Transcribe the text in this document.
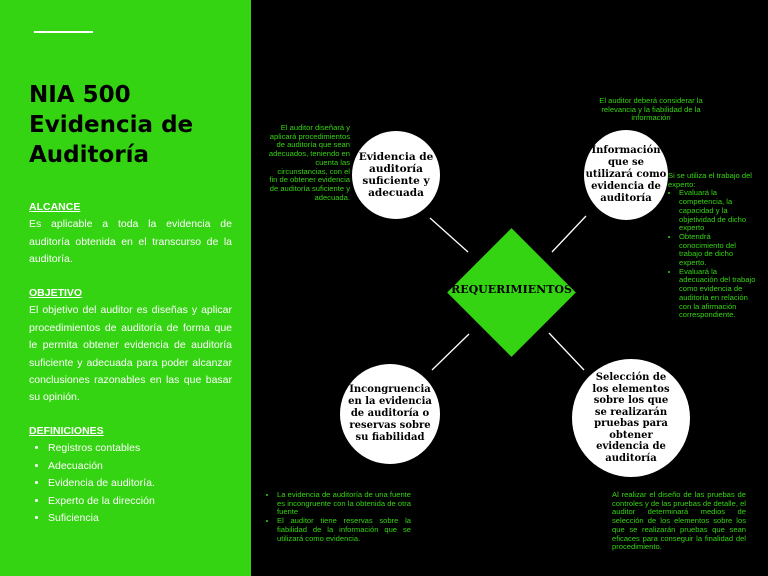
NIA 500
Evidencia de
Auditoría
ALCANCE
Es aplicable a toda la evidencia de auditoría obtenida en el transcurso de la auditoría.
OBJETIVO
El objetivo del auditor es diseñas y aplicar procedimientos de auditoría de forma que le permita obtener evidencia de auditoría suficiente y adecuada para poder alcanzar conclusiones razonables en las que basar su opinión.
DEFINICIONES
• Registros contables
• Adecuación
• Evidencia de auditoría.
• Experto de la dirección
• Suficiencia
Evidencia de auditoría suficiente y adecuada
Información que se utilizará como evidencia de auditoría
Incongruencia en la evidencia de auditoría o reservas sobre su fiabilidad
Selección de los elementos sobre los que se realizarán pruebas para obtener evidencia de auditoría
REQUERIMIENTOS
El auditor diseñará y aplicará procedimientos de auditoría que sean adecuados, teniendo en cuenta las circunstancias, con el fin de obtener evidencia de auditoría suficiente y adecuada.
El auditor deberá considerar la relevancia y la fiabilidad de la información
Si se utiliza el trabajo del experto:
• Evaluará la competencia, la capacidad y la objetividad de dicho experto
• Obtendrá conocimiento del trabajo de dicho experto.
• Evaluará la adecuación del trabajo como evidencia de auditoría en relación con la afirmación correspondiente.
• La evidencia de auditoría de una fuente es incongruente con la obtenida de otra fuente
• El auditor tiene reservas sobre la fiabilidad de la información que se utilizará como evidencia.
Al realizar el diseño de las pruebas de controles y de las pruebas de detalle, el auditor determinará medios de selección de los elementos sobre los que se realizarán pruebas que sean eficaces para conseguir la finalidad del procedimiento.
